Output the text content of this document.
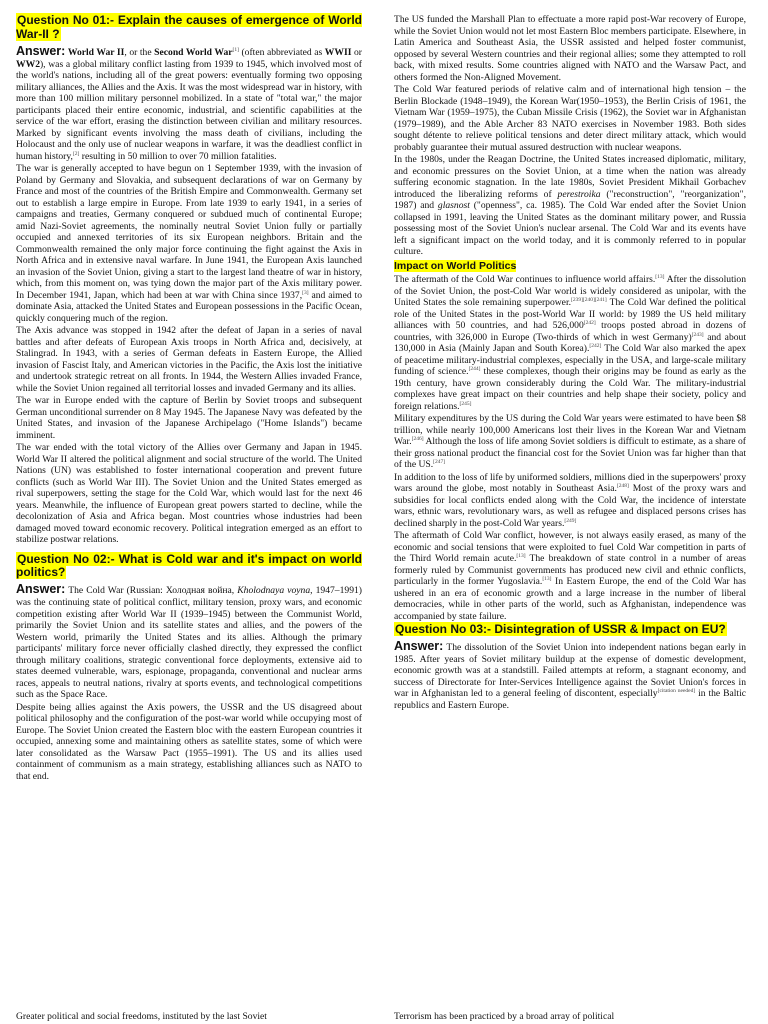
Question No 01:- Explain the causes of emergence of World War-II ?

Answer: World War II, or the Second World War[1] (often abbreviated as WWII or WW2), was a global military conflict lasting from 1939 to 1945, which involved most of the world's nations, including all of the great powers: eventually forming two opposing military alliances, the Allies and the Axis. It was the most widespread war in history, with more than 100 million military personnel mobilized. In a state of "total war," the major participants placed their entire economic, industrial, and scientific capabilities at the service of the war effort, erasing the distinction between civilian and military resources. Marked by significant events involving the mass death of civilians, including the Holocaust and the only use of nuclear weapons in warfare, it was the deadliest conflict in human history,[2] resulting in 50 million to over 70 million fatalities.

The war is generally accepted to have begun on 1 September 1939, with the invasion of Poland by Germany and Slovakia, and subsequent declarations of war on Germany by France and most of the countries of the British Empire and Commonwealth. Germany set out to establish a large empire in Europe. From late 1939 to early 1941, in a series of campaigns and treaties, Germany conquered or subdued much of continental Europe; amid Nazi-Soviet agreements, the nominally neutral Soviet Union fully or partially occupied and annexed territories of its six European neighbors. Britain and the Commonwealth remained the only major force continuing the fight against the Axis in North Africa and in extensive naval warfare. In June 1941, the European Axis launched an invasion of the Soviet Union, giving a start to the largest land theatre of war in history, which, from this moment on, was tying down the major part of the Axis military power. In December 1941, Japan, which had been at war with China since 1937,[3] and aimed to dominate Asia, attacked the United States and European possessions in the Pacific Ocean, quickly conquering much of the region.

The Axis advance was stopped in 1942 after the defeat of Japan in a series of naval battles and after defeats of European Axis troops in North Africa and, decisively, at Stalingrad. In 1943, with a series of German defeats in Eastern Europe, the Allied invasion of Fascist Italy, and American victories in the Pacific, the Axis lost the initiative and undertook strategic retreat on all fronts. In 1944, the Western Allies invaded France, while the Soviet Union regained all territorial losses and invaded Germany and its allies.

The war in Europe ended with the capture of Berlin by Soviet troops and subsequent German unconditional surrender on 8 May 1945. The Japanese Navy was defeated by the United States, and invasion of the Japanese Archipelago ("Home Islands") became imminent.

The war ended with the total victory of the Allies over Germany and Japan in 1945. World War II altered the political alignment and social structure of the world. The United Nations (UN) was established to foster international cooperation and prevent future conflicts (such as World War III). The Soviet Union and the United States emerged as rival superpowers, setting the stage for the Cold War, which would last for the next 46 years. Meanwhile, the influence of European great powers started to decline, while the decolonization of Asia and Africa began. Most countries whose industries had been damaged moved toward economic recovery. Political integration emerged as an effort to stabilize postwar relations.

Question No 02:- What is Cold war and it's impact on world politics?

Answer: The Cold War (Russian: Холодная война, Kholodnaya voyna, 1947–1991) was the continuing state of political conflict, military tension, proxy wars, and economic competition existing after World War II (1939–1945) between the Communist World, primarily the Soviet Union and its satellite states and allies, and the powers of the Western world, primarily the United States and its allies. Although the primary participants' military force never officially clashed directly, they expressed the conflict through military coalitions, strategic conventional force deployments, extensive aid to states deemed vulnerable, wars, espionage, propaganda, conventional and nuclear arms races, appeals to neutral nations, rivalry at sports events, and technological competitions such as the Space Race.

Despite being allies against the Axis powers, the USSR and the US disagreed about political philosophy and the configuration of the post-war world while occupying most of Europe. The Soviet Union created the Eastern bloc with the eastern European countries it occupied, annexing some and maintaining others as satellite states, some of which were later consolidated as the Warsaw Pact (1955–1991). The US and its allies used containment of communism as a main strategy, establishing alliances such as NATO to that end.

The US funded the Marshall Plan to effectuate a more rapid post-War recovery of Europe, while the Soviet Union would not let most Eastern Bloc members participate. Elsewhere, in Latin America and Southeast Asia, the USSR assisted and helped foster communist, opposed by several Western countries and their regional allies; some they attempted to roll back, with mixed results. Some countries aligned with NATO and the Warsaw Pact, and others formed the Non-Aligned Movement.

The Cold War featured periods of relative calm and of international high tension – the Berlin Blockade (1948–1949), the Korean War(1950–1953), the Berlin Crisis of 1961, the Vietnam War (1959–1975), the Cuban Missile Crisis (1962), the Soviet war in Afghanistan (1979–1989), and the Able Archer 83 NATO exercises in November 1983. Both sides sought détente to relieve political tensions and deter direct military attack, which would probably guarantee their mutual assured destruction with nuclear weapons.

In the 1980s, under the Reagan Doctrine, the United States increased diplomatic, military, and economic pressures on the Soviet Union, at a time when the nation was already suffering economic stagnation. In the late 1980s, Soviet President Mikhail Gorbachev introduced the liberalizing reforms of perestroika ("reconstruction", "reorganization", 1987) and glasnost ("openness", ca. 1985). The Cold War ended after the Soviet Union collapsed in 1991, leaving the United States as the dominant military power, and Russia possessing most of the Soviet Union's nuclear arsenal. The Cold War and its events have left a significant impact on the world today, and it is commonly referred to in popular culture.

Impact on World Politics

The aftermath of the Cold War continues to influence world affairs.[13] After the dissolution of the Soviet Union, the post-Cold War world is widely considered as unipolar, with the United States the sole remaining superpower.[239][240][241] The Cold War defined the political role of the United States in the post-World War II world: by 1989 the US held military alliances with 50 countries, and had 526,000[242] troops posted abroad in dozens of countries, with 326,000 in Europe (Two-thirds of which in west Germany)[243] and about 130,000 in Asia (Mainly Japan and South Korea).[242] The Cold War also marked the apex of peacetime military-industrial complexes, especially in the USA, and large-scale military funding of science.[244] these complexes, though their origins may be found as early as the 19th century, have grown considerably during the Cold War. The military-industrial complexes have great impact on their countries and help shape their society, policy and foreign relations.[245]

Military expenditures by the US during the Cold War years were estimated to have been $8 trillion, while nearly 100,000 Americans lost their lives in the Korean War and Vietnam War.[246] Although the loss of life among Soviet soldiers is difficult to estimate, as a share of their gross national product the financial cost for the Soviet Union was far higher than that of the US.[247]

In addition to the loss of life by uniformed soldiers, millions died in the superpowers' proxy wars around the globe, most notably in Southeast Asia.[248] Most of the proxy wars and subsidies for local conflicts ended along with the Cold War, the incidence of interstate wars, ethnic wars, revolutionary wars, as well as refugee and displaced persons crises has declined sharply in the post-Cold War years.[249]

The aftermath of Cold War conflict, however, is not always easily erased, as many of the economic and social tensions that were exploited to fuel Cold War competition in parts of the Third World remain acute.[13] The breakdown of state control in a number of areas formerly ruled by Communist governments has produced new civil and ethnic conflicts, particularly in the former Yugoslavia.[13] In Eastern Europe, the end of the Cold War has ushered in an era of economic growth and a large increase in the number of liberal democracies, while in other parts of the world, such as Afghanistan, independence was accompanied by state failure.

Question No 03:- Disintegration of USSR & Impact on EU?

Answer: The dissolution of the Soviet Union into independent nations began early in 1985. After years of Soviet military buildup at the expense of domestic development, economic growth was at a standstill. Failed attempts at reform, a stagnant economy, and success of Directorate for Inter-Services Intelligence against the Soviet Union's forces in war in Afghanistan led to a general feeling of discontent, especially[citation needed] in the Baltic republics and Eastern Europe.

Greater political and social freedoms, instituted by the last Soviet	Terrorism has been practiced by a broad array of political
